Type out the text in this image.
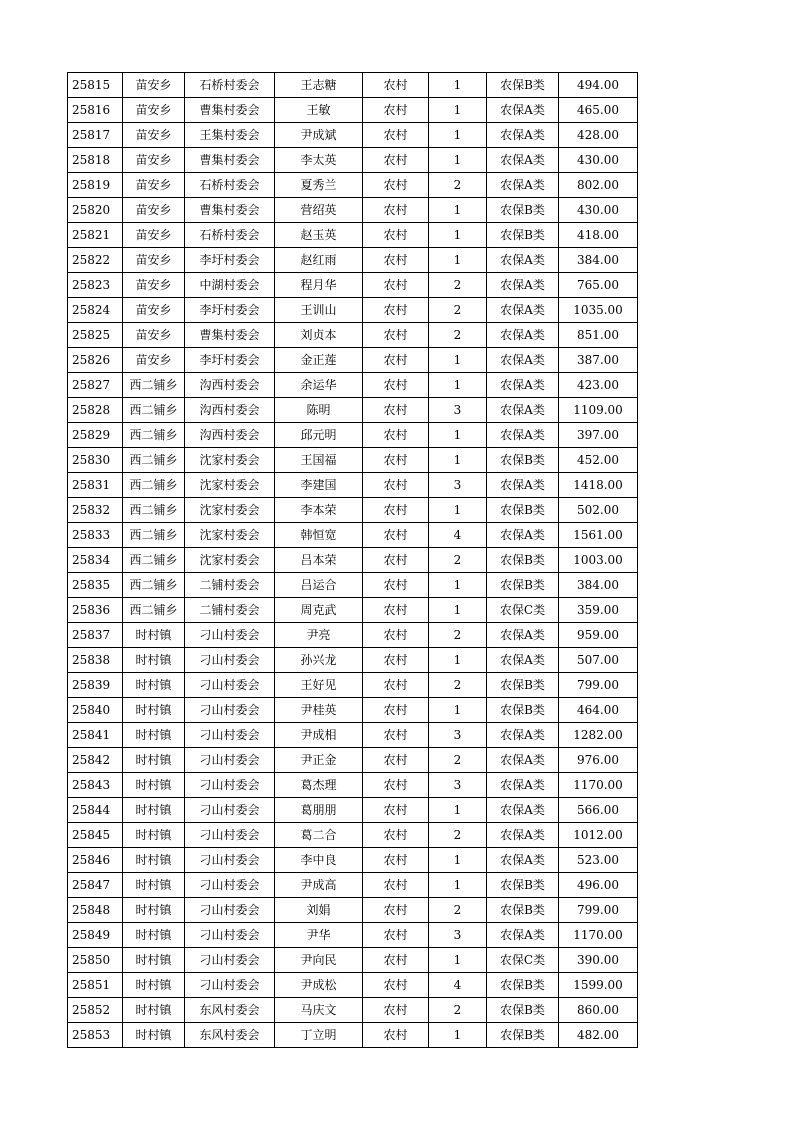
25815	苗安乡	石桥村委会	王志糖	农村	1	农保B类	494.00
25816	苗安乡	曹集村委会	王敏	农村	1	农保A类	465.00
25817	苗安乡	王集村委会	尹成斌	农村	1	农保A类	428.00
25818	苗安乡	曹集村委会	李太英	农村	1	农保A类	430.00
25819	苗安乡	石桥村委会	夏秀兰	农村	2	农保A类	802.00
25820	苗安乡	曹集村委会	营绍英	农村	1	农保B类	430.00
25821	苗安乡	石桥村委会	赵玉英	农村	1	农保B类	418.00
25822	苗安乡	李圩村委会	赵红雨	农村	1	农保A类	384.00
25823	苗安乡	中湖村委会	程月华	农村	2	农保A类	765.00
25824	苗安乡	李圩村委会	王训山	农村	2	农保A类	1035.00
25825	苗安乡	曹集村委会	刘贞本	农村	2	农保A类	851.00
25826	苗安乡	李圩村委会	金正莲	农村	1	农保A类	387.00
25827	西二铺乡	沟西村委会	余运华	农村	1	农保A类	423.00
25828	西二铺乡	沟西村委会	陈明	农村	3	农保A类	1109.00
25829	西二铺乡	沟西村委会	邱元明	农村	1	农保A类	397.00
25830	西二铺乡	沈家村委会	王国福	农村	1	农保B类	452.00
25831	西二铺乡	沈家村委会	李建国	农村	3	农保A类	1418.00
25832	西二铺乡	沈家村委会	李本荣	农村	1	农保B类	502.00
25833	西二铺乡	沈家村委会	韩恒宽	农村	4	农保A类	1561.00
25834	西二铺乡	沈家村委会	吕本荣	农村	2	农保B类	1003.00
25835	西二铺乡	二铺村委会	吕运合	农村	1	农保B类	384.00
25836	西二铺乡	二铺村委会	周克武	农村	1	农保C类	359.00
25837	时村镇	刁山村委会	尹亮	农村	2	农保A类	959.00
25838	时村镇	刁山村委会	孙兴龙	农村	1	农保A类	507.00
25839	时村镇	刁山村委会	王好见	农村	2	农保B类	799.00
25840	时村镇	刁山村委会	尹桂英	农村	1	农保B类	464.00
25841	时村镇	刁山村委会	尹成相	农村	3	农保A类	1282.00
25842	时村镇	刁山村委会	尹正金	农村	2	农保A类	976.00
25843	时村镇	刁山村委会	葛杰理	农村	3	农保A类	1170.00
25844	时村镇	刁山村委会	葛朋朋	农村	1	农保A类	566.00
25845	时村镇	刁山村委会	葛二合	农村	2	农保A类	1012.00
25846	时村镇	刁山村委会	李中良	农村	1	农保A类	523.00
25847	时村镇	刁山村委会	尹成高	农村	1	农保B类	496.00
25848	时村镇	刁山村委会	刘娟	农村	2	农保B类	799.00
25849	时村镇	刁山村委会	尹华	农村	3	农保A类	1170.00
25850	时村镇	刁山村委会	尹向民	农村	1	农保C类	390.00
25851	时村镇	刁山村委会	尹成松	农村	4	农保B类	1599.00
25852	时村镇	东风村委会	马庆文	农村	2	农保B类	860.00
25853	时村镇	东风村委会	丁立明	农村	1	农保B类	482.00
